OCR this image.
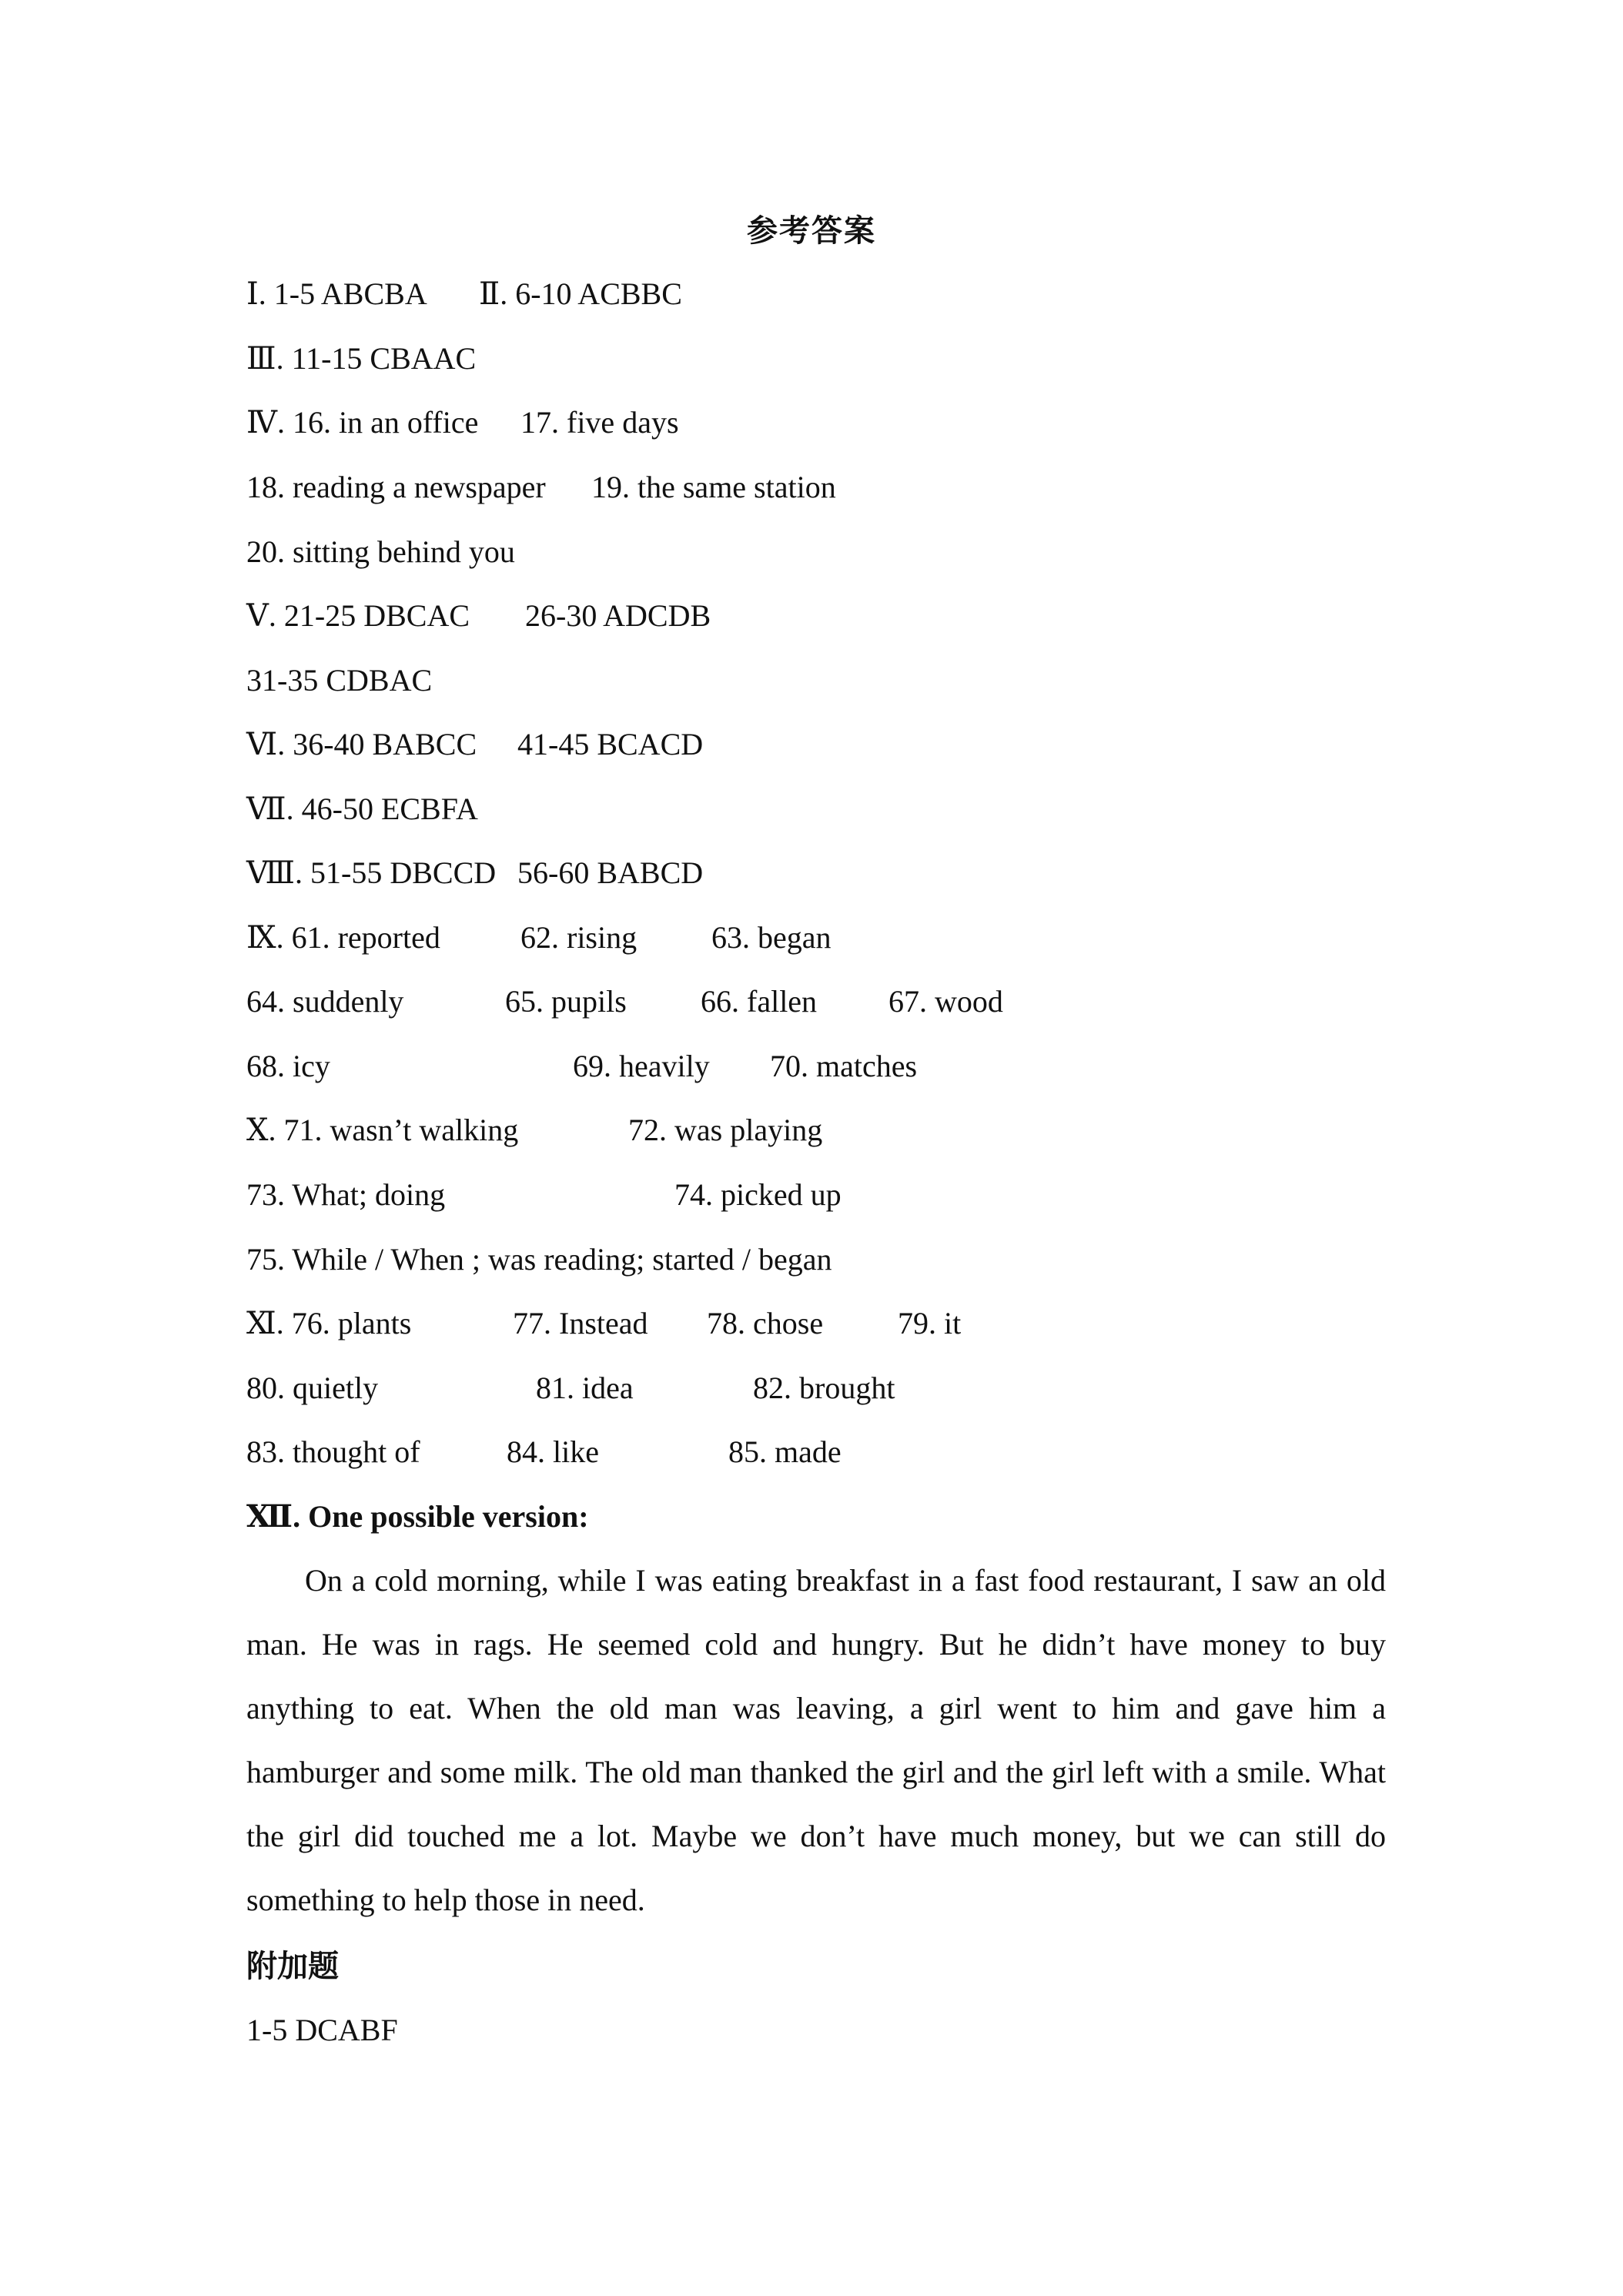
参考答案
Ⅰ. 1-5 ABCBA Ⅱ. 6-10 ACBBC
Ⅲ. 11-15 CBAAC
Ⅳ. 16. in an office 17. five days
18. reading a newspaper 19. the same station
20. sitting behind you
Ⅴ. 21-25 DBCAC 26-30 ADCDB
31-35 CDBAC
Ⅵ. 36-40 BABCC 41-45 BCACD
Ⅶ. 46-50 ECBFA
Ⅷ. 51-55 DBCCD 56-60 BABCD
Ⅸ. 61. reported	62. rising 63. began
64. suddenly	65. pupils 66. fallen 67. wood
68. icy	69. heavily 70. matches
Ⅹ. 71. wasn’t walking	72. was playing
73. What; doing	74. picked up
75. While / When ; was reading; started / began
Ⅺ. 76. plants	77. Instead 78. chose 79. it
80. quietly	81. idea	82. brought
83. thought of	84. like	85. made
Ⅻ. One possible version:
On a cold morning, while I was eating breakfast in a fast food restaurant, I saw an old man. He was in rags. He seemed cold and hungry. But he didn’t have money to buy anything to eat. When the old man was leaving, a girl went to him and gave him a hamburger and some milk. The old man thanked the girl and the girl left with a smile. What the girl did touched me a lot. Maybe we don’t have much money, but we can still do something to help those in need.
附加题
1-5 DCABF
